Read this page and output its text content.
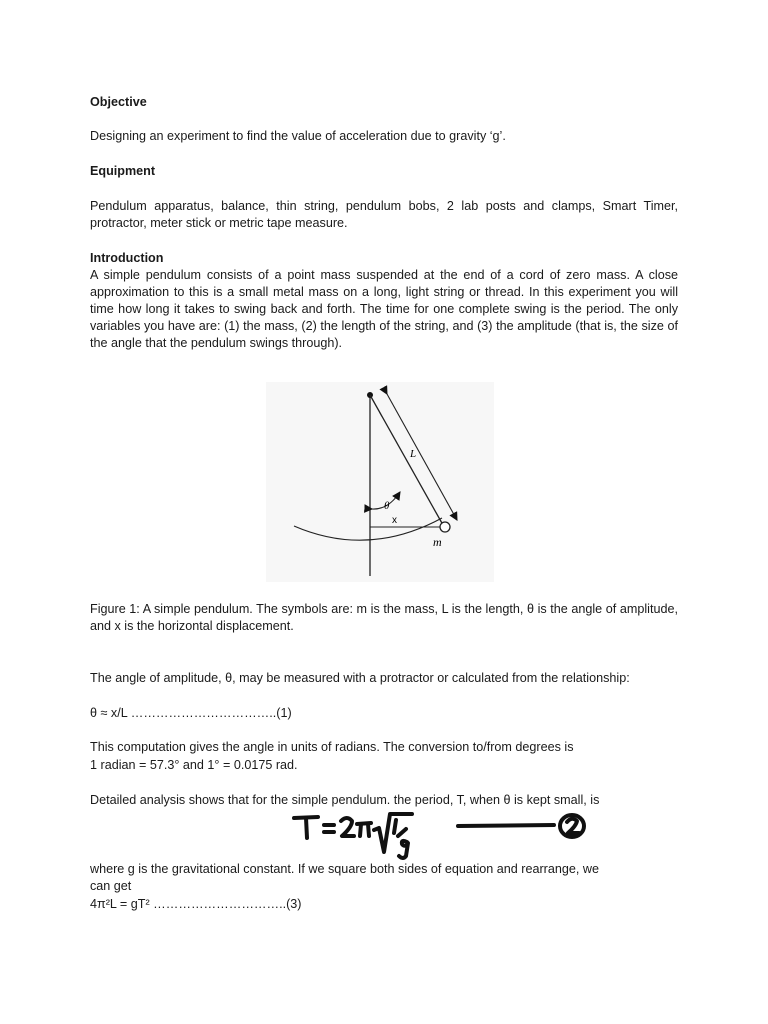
Objective
Designing an experiment to find the value of acceleration due to gravity ‘g’.
Equipment
Pendulum apparatus, balance, thin string, pendulum bobs, 2 lab posts and clamps, Smart Timer, protractor, meter stick or metric tape measure.
Introduction
A simple pendulum consists of a point mass suspended at the end of a cord of zero mass. A close approximation to this is a small metal mass on a long, light string or thread. In this experiment you will time how long it takes to swing back and forth. The time for one complete swing is the period. The only variables you have are: (1) the mass, (2) the length of the string, and (3) the amplitude (that is, the size of the angle that the pendulum swings through).
L
θ
x
m
Figure 1: A simple pendulum. The symbols are: m is the mass, L is the length, θ is the angle of amplitude, and x is the horizontal displacement.
The angle of amplitude, θ, may be measured with a protractor or calculated from the relationship:
θ ≈ x/L ……………………………..(1)
This computation gives the angle in units of radians. The conversion to/from degrees is
1 radian = 57.3° and 1° = 0.0175 rad.
Detailed analysis shows that for the simple pendulum. the period, T, when θ is kept small, is
where g is the gravitational constant. If we square both sides of equation and rearrange, we
can get
4π²L = gT² …………………………..(3)
